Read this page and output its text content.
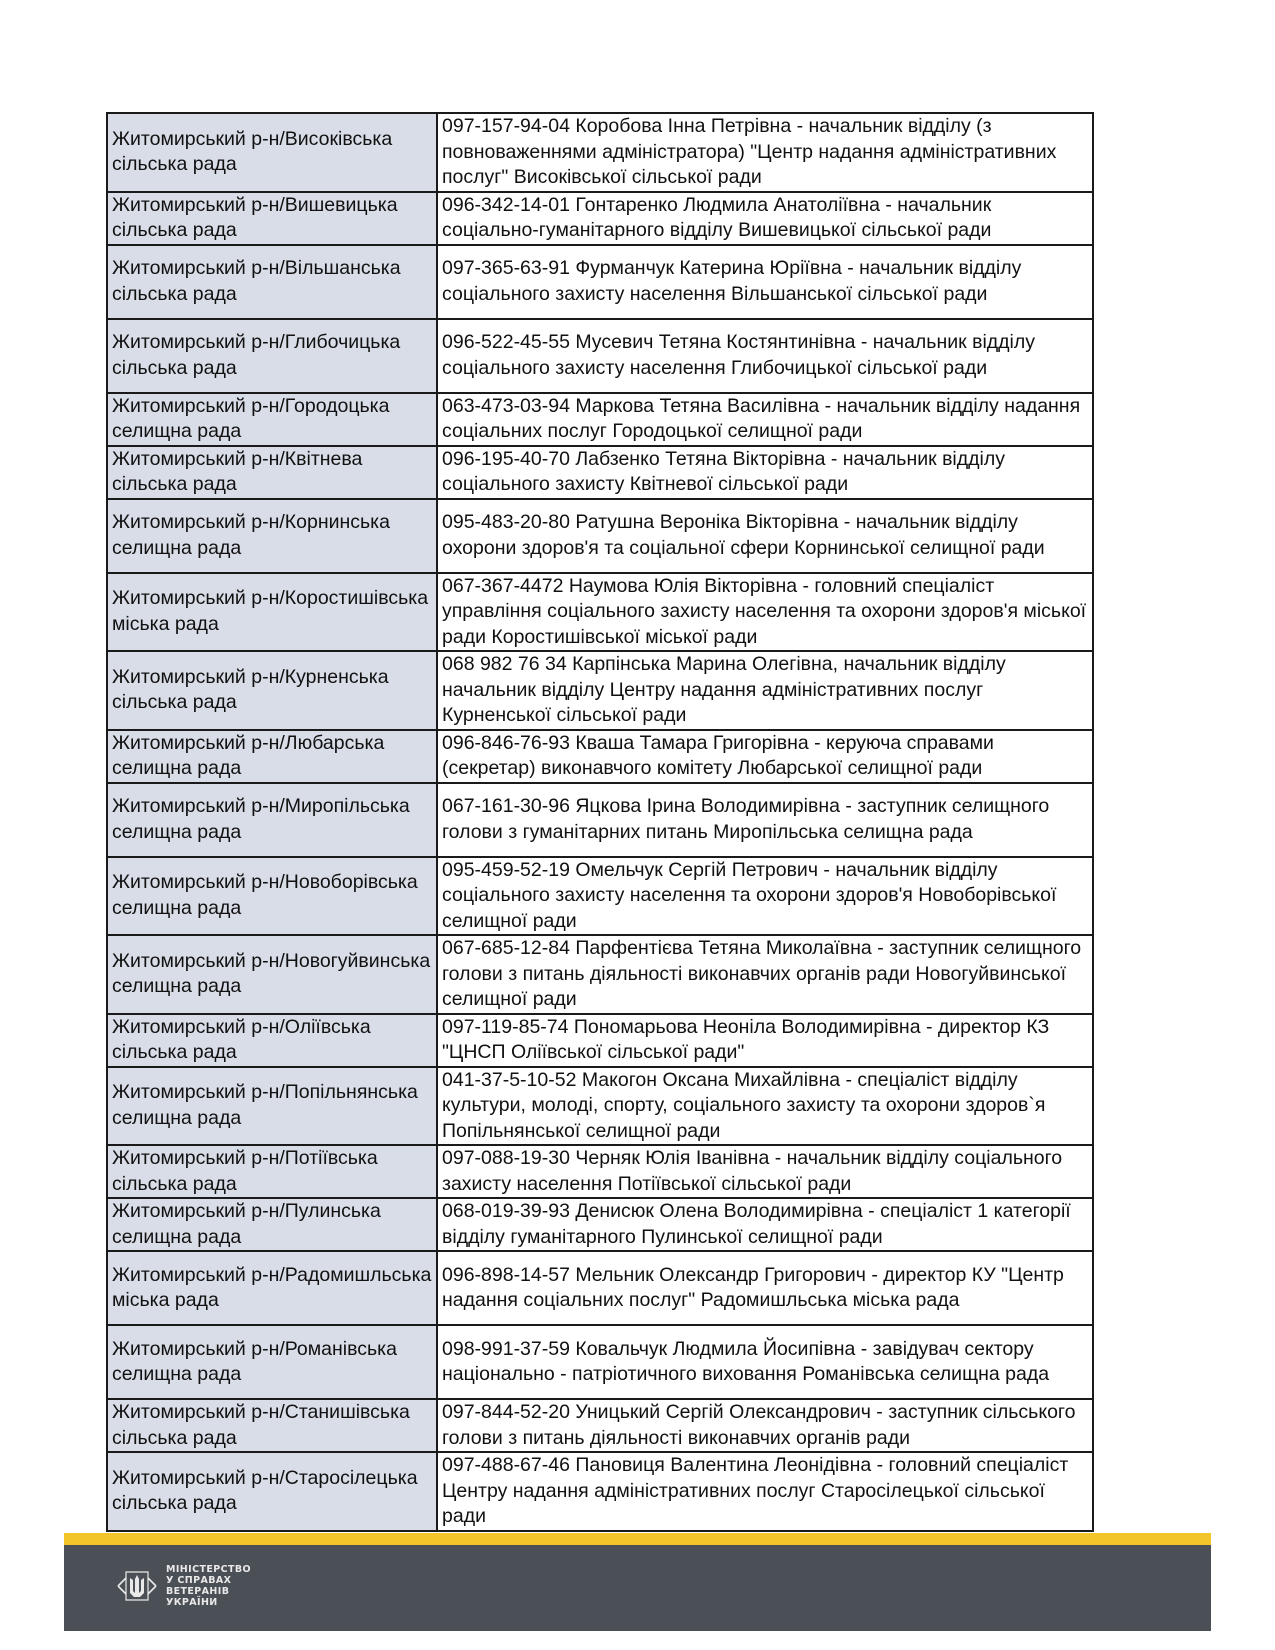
Житомирський р-н/Високівська сільська рада	097-157-94-04 Коробова Інна Петрівна - начальник відділу (з повноваженнями адміністратора) "Центр надання адміністративних послуг" Високівської сільської ради
Житомирський р-н/Вишевицька сільська рада	096-342-14-01 Гонтаренко Людмила Анатоліївна - начальник соціально-гуманітарного відділу Вишевицької сільської ради
Житомирський р-н/Вільшанська сільська рада	097-365-63-91 Фурманчук Катерина Юріївна - начальник відділу соціального захисту населення Вільшанської сільської ради
Житомирський р-н/Глибочицька сільська рада	096-522-45-55 Мусевич Тетяна Костянтинівна - начальник відділу соціального захисту населення Глибочицької сільської ради
Житомирський р-н/Городоцька селищна рада	063-473-03-94 Маркова Тетяна Василівна - начальник відділу надання соціальних послуг Городоцької селищної ради
Житомирський р-н/Квітнева сільська рада	096-195-40-70 Лабзенко Тетяна Вікторівна - начальник відділу соціального захисту Квітневої сільської ради
Житомирський р-н/Корнинська селищна рада	095-483-20-80 Ратушна Вероніка Вікторівна - начальник відділу охорони здоров'я та соціальної сфери Корнинської селищної ради
Житомирський р-н/Коростишівська міська рада	067-367-4472 Наумова Юлія Вікторівна - головний спеціаліст управління соціального захисту населення та охорони здоров'я міської ради Коростишівської міської ради
Житомирський р-н/Курненська сільська рада	068 982 76 34 Карпінська Марина Олегівна, начальник відділу начальник відділу Центру надання адміністративних послуг Курненської сільської ради
Житомирський р-н/Любарська селищна рада	096-846-76-93 Кваша Тамара Григорівна - керуюча справами (секретар) виконавчого комітету Любарської селищної ради
Житомирський р-н/Миропільська селищна рада	067-161-30-96 Яцкова Ірина Володимирівна - заступник селищного голови з гуманітарних питань Миропільська селищна рада
Житомирський р-н/Новоборівська селищна рада	095-459-52-19 Омельчук Сергій Петрович - начальник відділу соціального захисту населення та охорони здоров'я Новоборівської селищної ради
Житомирський р-н/Новогуйвинська селищна рада	067-685-12-84 Парфентієва Тетяна Миколаївна - заступник селищного голови з питань діяльності виконавчих органів ради Новогуйвинської селищної ради
Житомирський р-н/Оліївська сільська рада	097-119-85-74 Пономарьова Неоніла Володимирівна - директор КЗ "ЦНСП Оліївської сільської ради"
Житомирський р-н/Попільнянська селищна рада	041-37-5-10-52 Макогон Оксана Михайлівна - спеціаліст відділу культури, молоді, спорту, соціального захисту та охорони здоров`я Попільнянської селищної ради
Житомирський р-н/Потіївська сільська рада	097-088-19-30 Черняк Юлія Іванівна - начальник відділу соціального захисту населення Потіївської сільської ради
Житомирський р-н/Пулинська селищна рада	068-019-39-93 Денисюк Олена Володимирівна - спеціаліст 1 категорії відділу гуманітарного Пулинської селищної ради
Житомирський р-н/Радомишльська міська рада	096-898-14-57 Мельник Олександр Григорович - директор КУ "Центр надання соціальних послуг" Радомишльська міська рада
Житомирський р-н/Романівська селищна рада	098-991-37-59 Ковальчук Людмила Йосипівна - завідувач сектору національно - патріотичного виховання Романівська селищна рада
Житомирський р-н/Станишівська сільська рада	097-844-52-20 Уницький Сергій Олександрович - заступник сільського голови з питань діяльності виконавчих органів ради
Житомирський р-н/Старосілецька сільська рада	097-488-67-46 Пановиця Валентина Леонідівна - головний спеціаліст Центру надання адміністративних послуг Старосілецької сільської ради
МІНІСТЕРСТВО
У СПРАВАХ
ВЕТЕРАНІВ
УКРАЇНИ
